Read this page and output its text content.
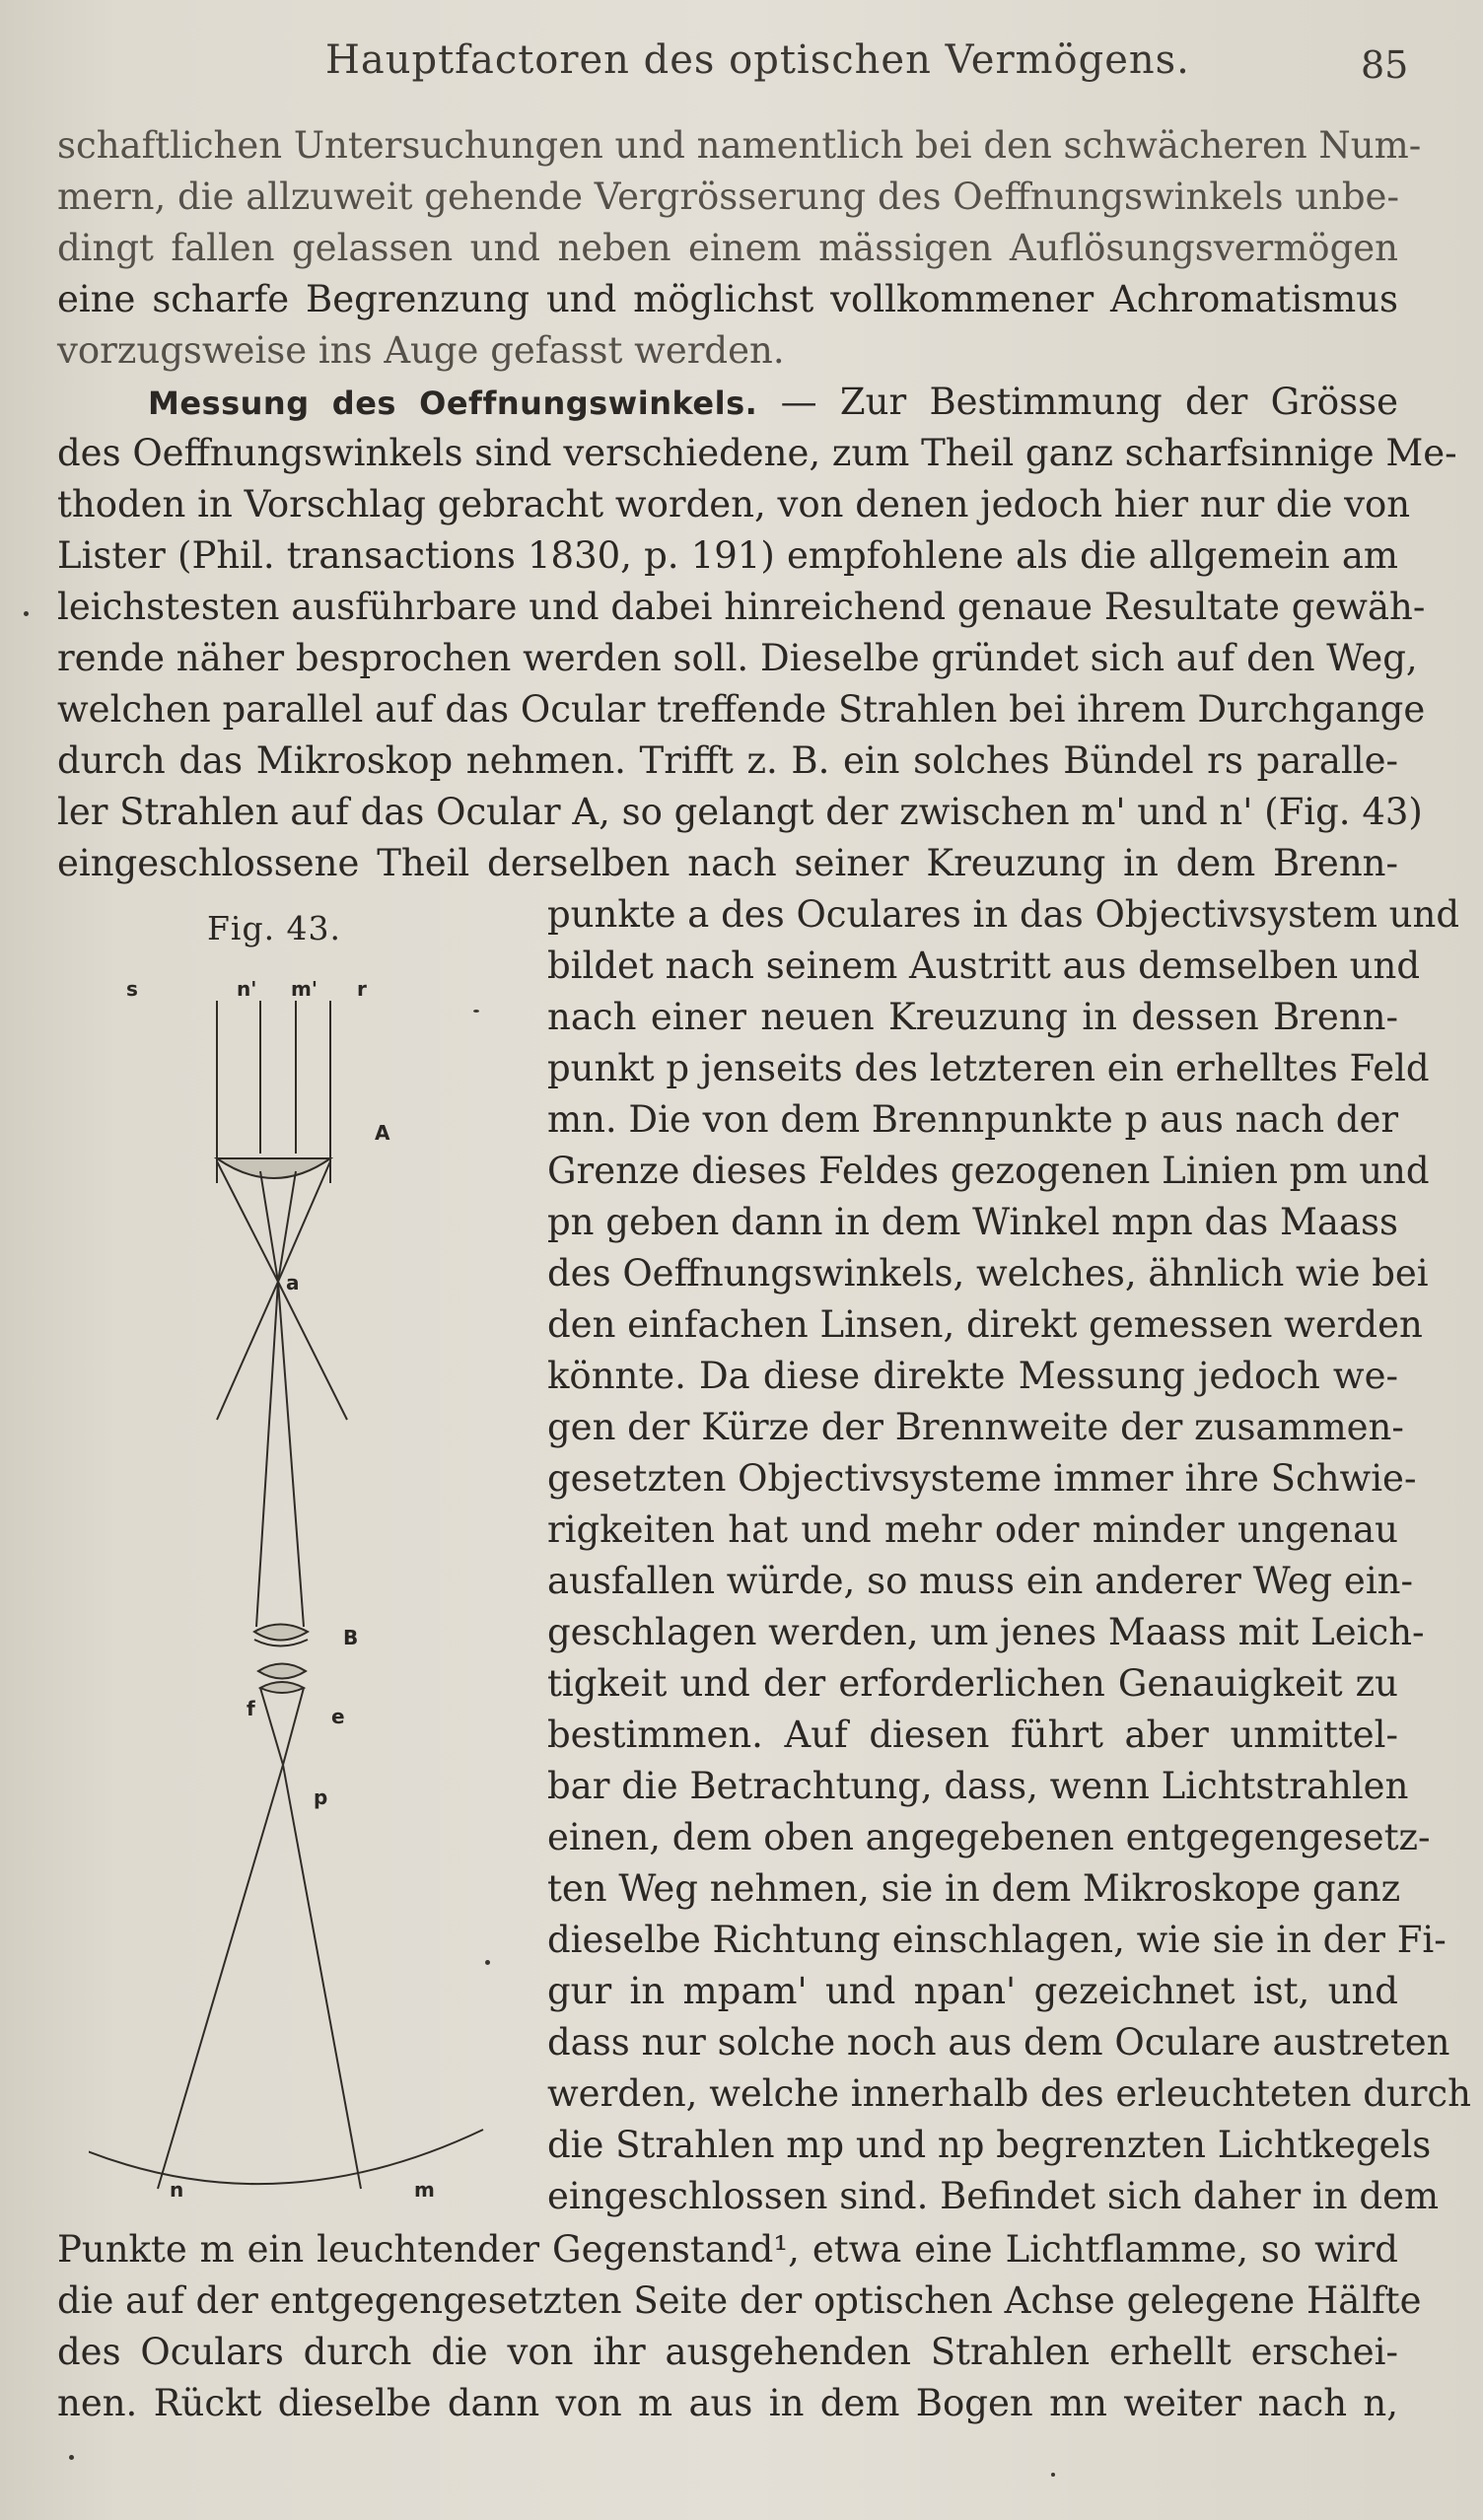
Hauptfactoren des optischen Vermögens.	85
schaftlichen Untersuchungen und namentlich bei den schwächeren Num-
mern, die allzuweit gehende Vergrösserung des Oeffnungswinkels unbe-
dingt fallen gelassen und neben einem mässigen Auflösungsvermögen
eine scharfe Begrenzung und möglichst vollkommener Achromatismus
vorzugsweise ins Auge gefasst werden.
Messung des Oeffnungswinkels. — Zur Bestimmung der Grösse
des Oeffnungswinkels sind verschiedene, zum Theil ganz scharfsinnige Me-
thoden in Vorschlag gebracht worden, von denen jedoch hier nur die von
Lister (Phil. transactions 1830, p. 191) empfohlene als die allgemein am
leichstesten ausführbare und dabei hinreichend genaue Resultate gewäh-
rende näher besprochen werden soll. Dieselbe gründet sich auf den Weg,
welchen parallel auf das Ocular treffende Strahlen bei ihrem Durchgange
durch das Mikroskop nehmen. Trifft z. B. ein solches Bündel rs paralle-
ler Strahlen auf das Ocular A, so gelangt der zwischen m' und n' (Fig. 43)
eingeschlossene Theil derselben nach seiner Kreuzung in dem Brenn-
Fig. 43.
s	n' m' r
A
a
B
f	e
p
n	m
punkte a des Oculares in das Objectivsystem und
bildet nach seinem Austritt aus demselben und
nach einer neuen Kreuzung in dessen Brenn-
punkt p jenseits des letzteren ein erhelltes Feld
mn. Die von dem Brennpunkte p aus nach der
Grenze dieses Feldes gezogenen Linien pm und
pn geben dann in dem Winkel mpn das Maass
des Oeffnungswinkels, welches, ähnlich wie bei
den einfachen Linsen, direkt gemessen werden
könnte. Da diese direkte Messung jedoch we-
gen der Kürze der Brennweite der zusammen-
gesetzten Objectivsysteme immer ihre Schwie-
rigkeiten hat und mehr oder minder ungenau
ausfallen würde, so muss ein anderer Weg ein-
geschlagen werden, um jenes Maass mit Leich-
tigkeit und der erforderlichen Genauigkeit zu
bestimmen. Auf diesen führt aber unmittel-
bar die Betrachtung, dass, wenn Lichtstrahlen
einen, dem oben angegebenen entgegengesetz-
ten Weg nehmen, sie in dem Mikroskope ganz
dieselbe Richtung einschlagen, wie sie in der Fi-
gur in mpam' und npan' gezeichnet ist, und
dass nur solche noch aus dem Oculare austreten
werden, welche innerhalb des erleuchteten durch
die Strahlen mp und np begrenzten Lichtkegels
eingeschlossen sind. Befindet sich daher in dem
Punkte m ein leuchtender Gegenstand¹, etwa eine Lichtflamme, so wird
die auf der entgegengesetzten Seite der optischen Achse gelegene Hälfte
des Oculars durch die von ihr ausgehenden Strahlen erhellt erschei-
nen. Rückt dieselbe dann von m aus in dem Bogen mn weiter nach n,
